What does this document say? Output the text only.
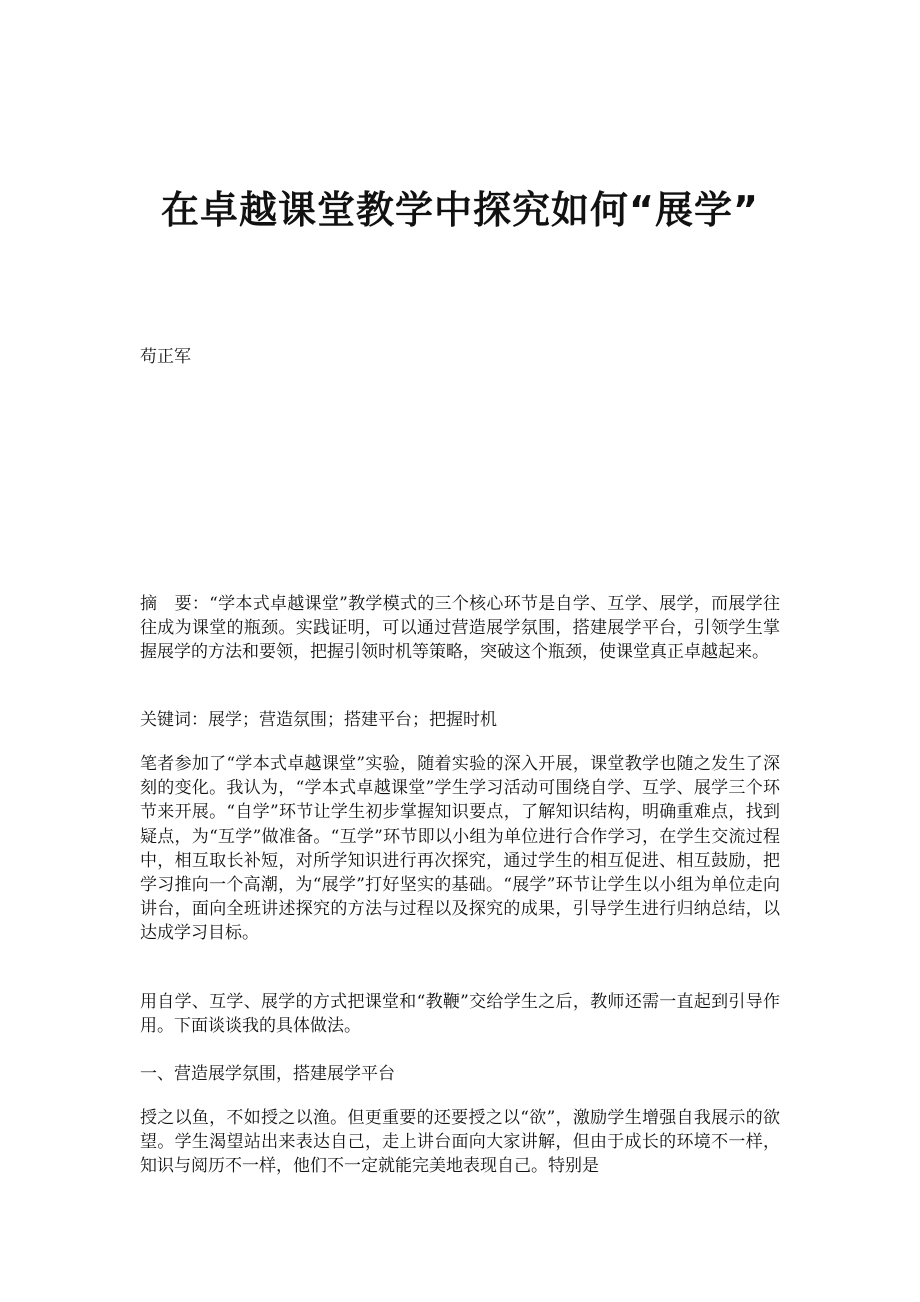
在卓越课堂教学中探究如何“展学”

苟正军

摘　要：“学本式卓越课堂”教学模式的三个核心环节是自学、互学、展学，而展学往往成为课堂的瓶颈。实践证明，可以通过营造展学氛围，搭建展学平台，引领学生掌握展学的方法和要领，把握引领时机等策略，突破这个瓶颈，使课堂真正卓越起来。

关键词：展学；营造氛围；搭建平台；把握时机

笔者参加了“学本式卓越课堂”实验，随着实验的深入开展，课堂教学也随之发生了深刻的变化。我认为，“学本式卓越课堂”学生学习活动可围绕自学、互学、展学三个环节来开展。“自学”环节让学生初步掌握知识要点，了解知识结构，明确重难点，找到疑点，为“互学”做准备。“互学”环节即以小组为单位进行合作学习，在学生交流过程中，相互取长补短，对所学知识进行再次探究，通过学生的相互促进、相互鼓励，把学习推向一个高潮，为“展学”打好坚实的基础。“展学”环节让学生以小组为单位走向讲台，面向全班讲述探究的方法与过程以及探究的成果，引导学生进行归纳总结，以达成学习目标。

用自学、互学、展学的方式把课堂和“教鞭”交给学生之后，教师还需一直起到引导作用。下面谈谈我的具体做法。

一、营造展学氛围，搭建展学平台

授之以鱼，不如授之以渔。但更重要的还要授之以“欲”，激励学生增强自我展示的欲望。学生渴望站出来表达自己，走上讲台面向大家讲解，但由于成长的环境不一样，知识与阅历不一样，他们不一定就能完美地表现自己。特别是
